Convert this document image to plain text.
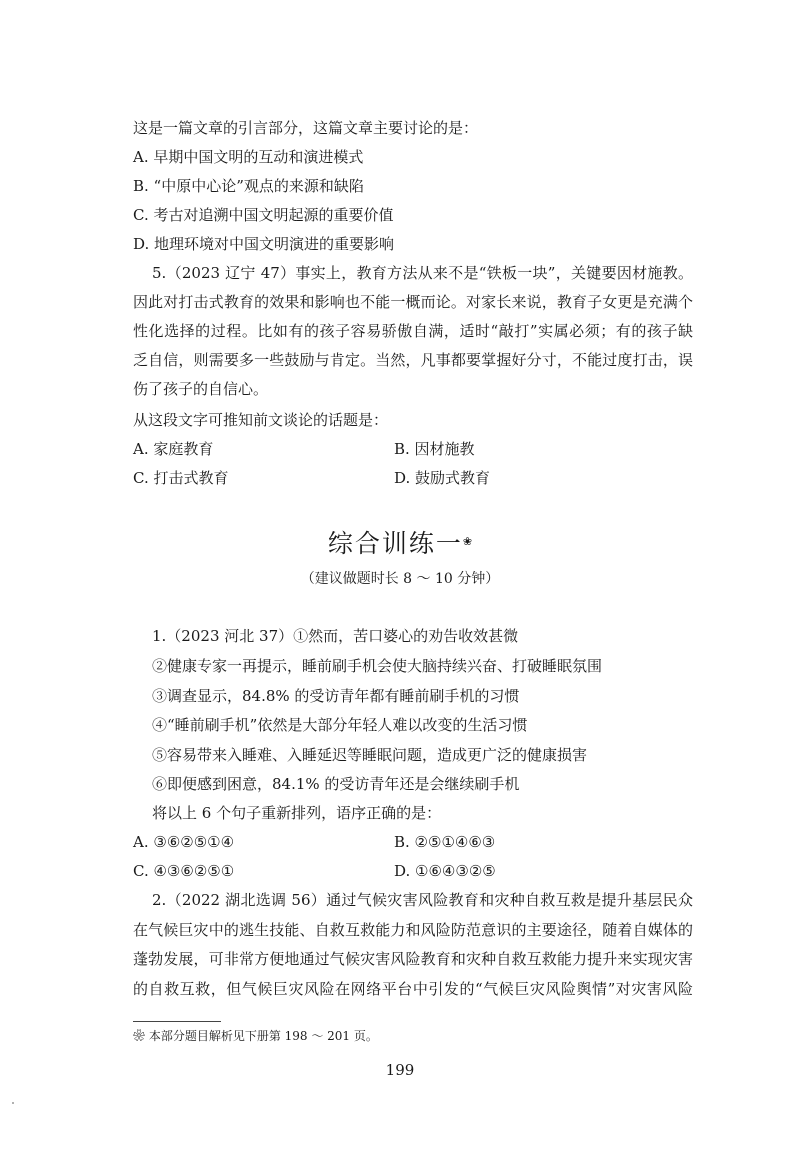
这是一篇文章的引言部分，这篇文章主要讨论的是：
A. 早期中国文明的互动和演进模式
B. “中原中心论”观点的来源和缺陷
C. 考古对追溯中国文明起源的重要价值
D. 地理环境对中国文明演进的重要影响
5.（2023 辽宁 47）事实上，教育方法从来不是“铁板一块”，关键要因材施教。
因此对打击式教育的效果和影响也不能一概而论。对家长来说，教育子女更是充满个
性化选择的过程。比如有的孩子容易骄傲自满，适时“敲打”实属必须；有的孩子缺
乏自信，则需要多一些鼓励与肯定。当然，凡事都要掌握好分寸，不能过度打击，误
伤了孩子的自信心。
从这段文字可推知前文谈论的话题是：
A. 家庭教育	B. 因材施教
C. 打击式教育	D. 鼓励式教育
综合训练一❀
（建议做题时长 8 ～ 10 分钟）
1.（2023 河北 37）①然而，苦口婆心的劝告收效甚微
②健康专家一再提示，睡前刷手机会使大脑持续兴奋、打破睡眠氛围
③调查显示，84.8% 的受访青年都有睡前刷手机的习惯
④“睡前刷手机”依然是大部分年轻人难以改变的生活习惯
⑤容易带来入睡难、入睡延迟等睡眠问题，造成更广泛的健康损害
⑥即便感到困意，84.1% 的受访青年还是会继续刷手机
将以上 6 个句子重新排列，语序正确的是：
A. ③⑥②⑤①④	B. ②⑤①④⑥③
C. ④③⑥②⑤①	D. ①⑥④③②⑤
2.（2022 湖北选调 56）通过气候灾害风险教育和灾种自救互救是提升基层民众
在气候巨灾中的逃生技能、自救互救能力和风险防范意识的主要途径，随着自媒体的
蓬勃发展，可非常方便地通过气候灾害风险教育和灾种自救互救能力提升来实现灾害
的自救互救，但气候巨灾风险在网络平台中引发的“气候巨灾风险舆情”对灾害风险
❀ 本部分题目解析见下册第 198 ～ 201 页。
199
